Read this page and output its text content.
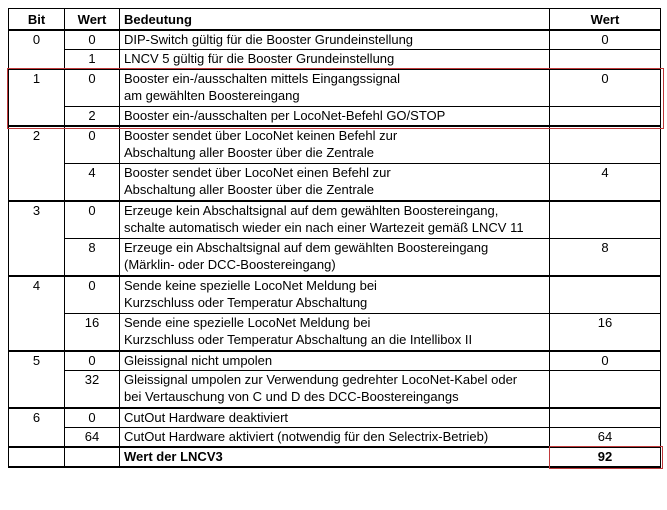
Bit	Wert	Bedeutung	Wert
0	0	DIP-Switch gültig für die Booster Grundeinstellung	0
	1	LNCV 5 gültig für die Booster Grundeinstellung	

1	0	Booster ein-/ausschalten mittels Eingangssignal
am gewählten Boostereingang	0
	2	Booster ein-/ausschalten per LocoNet-Befehl GO/STOP	

2	0	Booster sendet über LocoNet keinen Befehl zur
Abschaltung aller Booster über die Zentrale	

	4	Booster sendet über LocoNet einen Befehl zur
Abschaltung aller Booster über die Zentrale	4
3	0	Erzeuge kein Abschaltsignal auf dem gewählten Boostereingang,
schalte automatisch wieder ein nach einer Wartezeit gemäß LNCV 11	

	8	Erzeuge ein Abschaltsignal auf dem gewählten Boostereingang
(Märklin- oder DCC-Boostereingang)	8
4	0	Sende keine spezielle LocoNet Meldung bei
Kurzschluss oder Temperatur Abschaltung	

	16	Sende eine spezielle LocoNet Meldung bei
Kurzschluss oder Temperatur Abschaltung an die Intellibox II	16
5	0	Gleissignal nicht umpolen	0
	32	Gleissignal umpolen zur Verwendung gedrehter LocoNet-Kabel oder
bei Vertauschung von C und D des DCC-Boostereingangs	

6	0	CutOut Hardware deaktiviert	

	64	CutOut Hardware aktiviert (notwendig für den Selectrix-Betrieb)	64
		Wert der LNCV3	92
